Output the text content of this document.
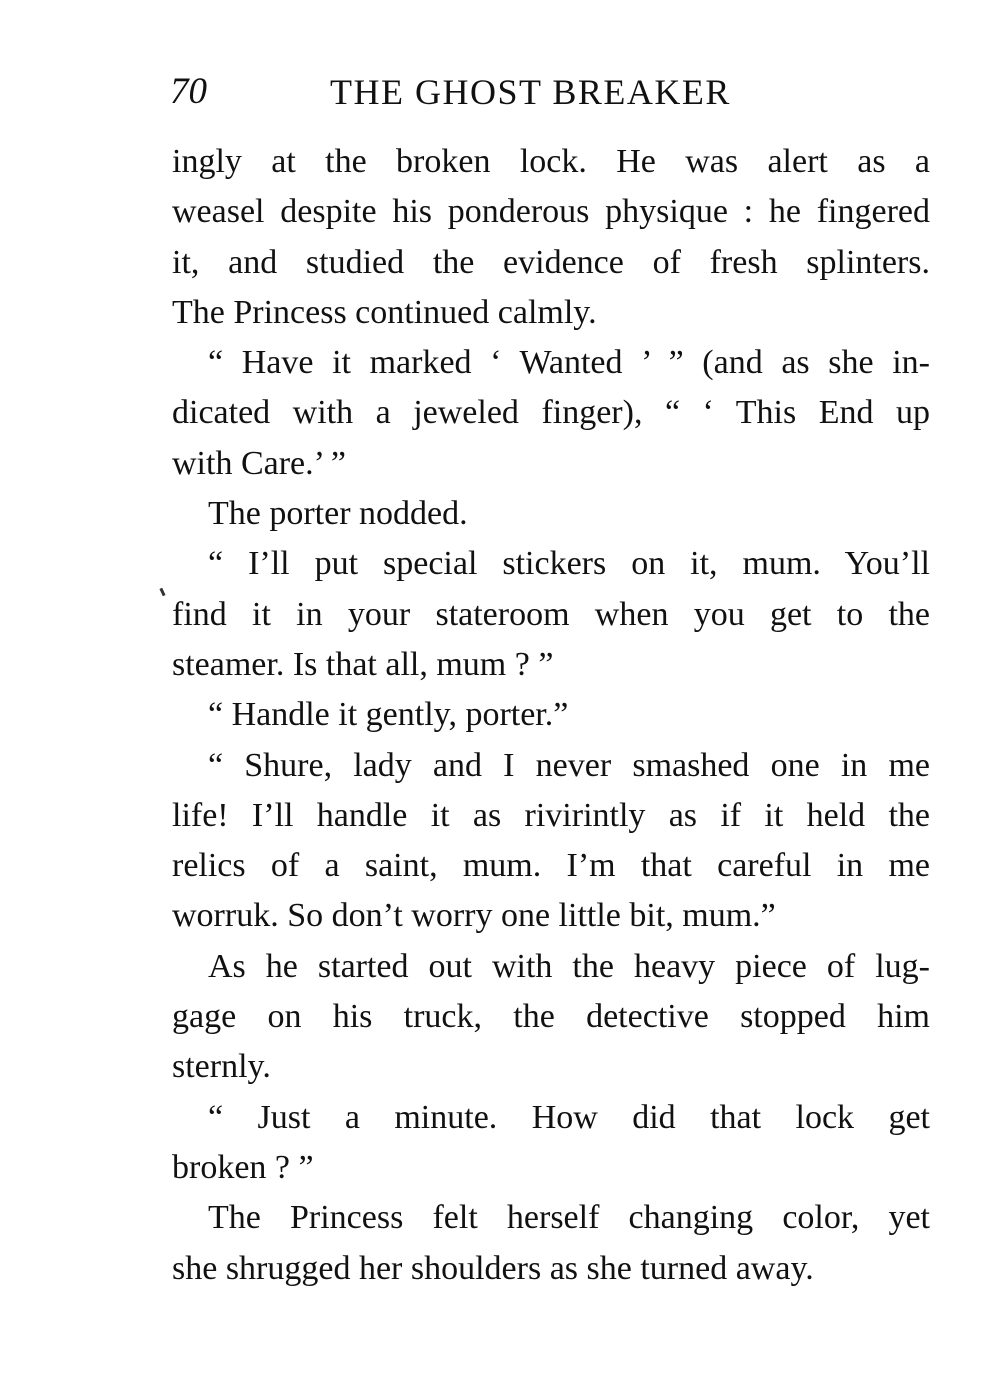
70	THE GHOST BREAKER
ingly at the broken lock. He was alert as a
weasel despite his ponderous physique : he fingered
it, and studied the evidence of fresh splinters.
The Princess continued calmly.
“ Have it marked ‘ Wanted ’ ” (and as she in-
dicated with a jeweled finger), “ ‘ This End up
with Care.’ ”
The porter nodded.
“ I’ll put special stickers on it, mum. You’ll
find it in your stateroom when you get to the
steamer. Is that all, mum ? ”
“ Handle it gently, porter.”
“ Shure, lady and I never smashed one in me
life! I’ll handle it as rivirintly as if it held the
relics of a saint, mum. I’m that careful in me
worruk. So don’t worry one little bit, mum.”
As he started out with the heavy piece of lug-
gage on his truck, the detective stopped him
sternly.
“ Just a minute. How did that lock get
broken ? ”
The Princess felt herself changing color, yet
she shrugged her shoulders as she turned away.
